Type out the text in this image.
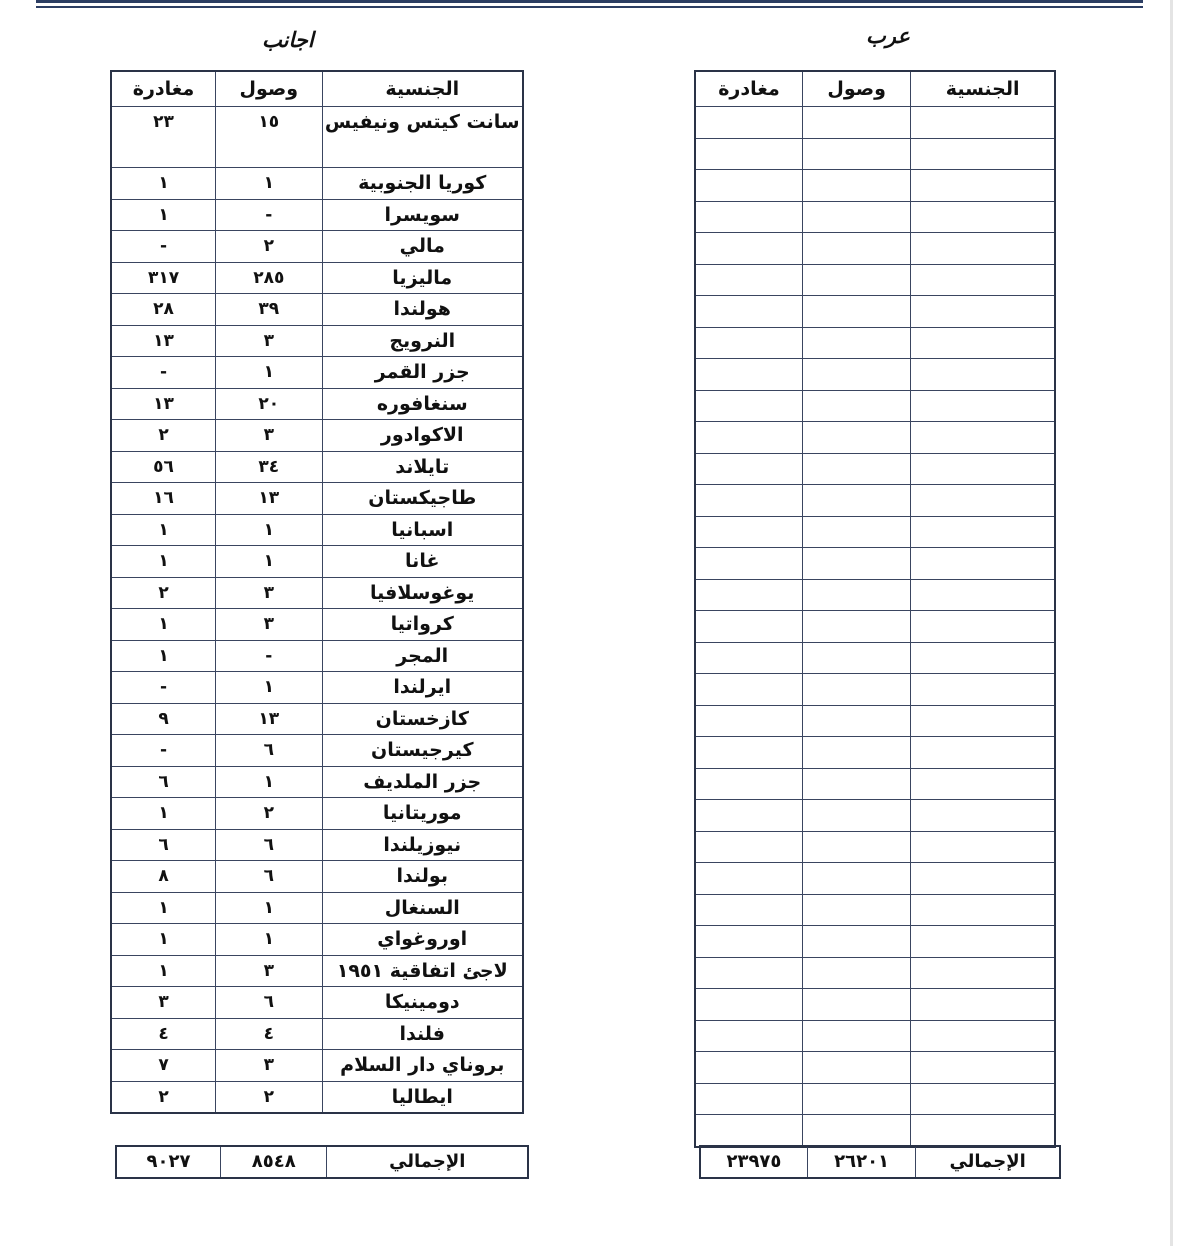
اجانب	عرب
مغادرة	وصول	الجنسية
٢٣	١٥	سانت كيتس ونيفيس
١	١	كوريا الجنوبية
١	-	سويسرا
-	٢	مالي
٣١٧	٢٨٥	ماليزيا
٢٨	٣٩	هولندا
١٣	٣	النرويج
-	١	جزر القمر
١٣	٢٠	سنغافوره
٢	٣	الاكوادور
٥٦	٣٤	تايلاند
١٦	١٣	طاجيكستان
١	١	اسبانيا
١	١	غانا
٢	٣	يوغوسلافيا
١	٣	كرواتيا
١	-	المجر
-	١	ايرلندا
٩	١٣	كازخستان
-	٦	كيرجيستان
٦	١	جزر الملديف
١	٢	موريتانيا
٦	٦	نيوزيلندا
٨	٦	بولندا
١	١	السنغال
١	١	اوروغواي
١	٣	لاجئ اتفاقية ١٩٥١
٣	٦	دومينيكا
٤	٤	فلندا
٧	٣	بروناي دار السلام
٢	٢	ايطاليا
٩٠٢٧	٨٥٤٨	الإجمالي
مغادرة	وصول	الجنسية

٢٣٩٧٥	٢٦٢٠١	الإجمالي
